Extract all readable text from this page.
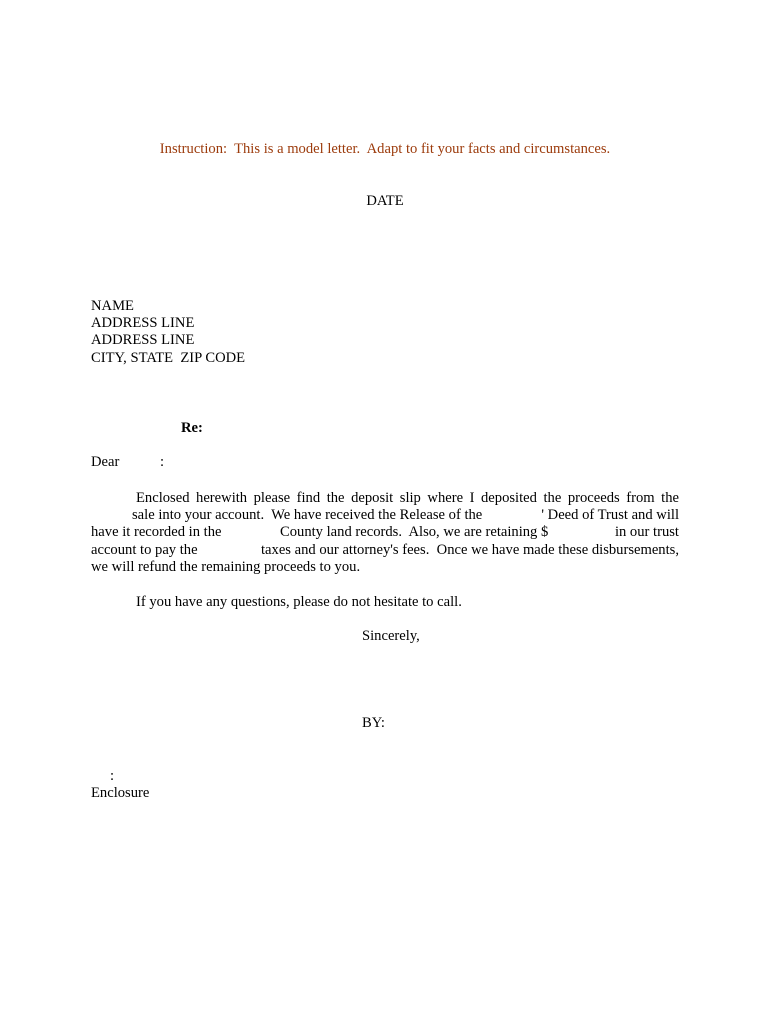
Instruction:  This is a model letter.  Adapt to fit your facts and circumstances.
DATE
NAME
ADDRESS LINE
ADDRESS LINE
CITY, STATE  ZIP CODE
Re:
Dear	:
Enclosed herewith please find the deposit slip where I deposited the proceeds from the
sale into your account.  We have received the Release of the	' Deed of Trust and will
have it recorded in the	County land records.  Also, we are retaining $	in our trust
account to pay the	taxes and our attorney's fees.  Once we have made these disbursements,
we will refund the remaining proceeds to you.
If you have any questions, please do not hesitate to call.
Sincerely,
BY:
:
Enclosure
